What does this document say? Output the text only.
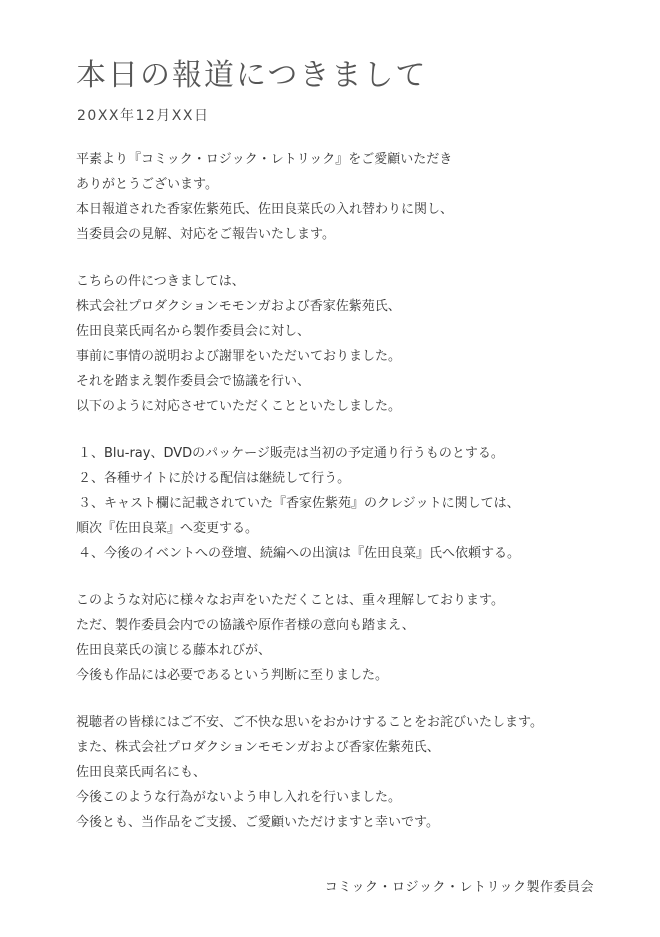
本日の報道につきまして
20XX年12月XX日
平素より『コミック・ロジック・レトリック』をご愛顧いただき
ありがとうございます。
本日報道された香家佐紫苑氏、佐田良菜氏の入れ替わりに関し、
当委員会の見解、対応をご報告いたします。
こちらの件につきましては、
株式会社プロダクションモモンガおよび香家佐紫苑氏、
佐田良菜氏両名から製作委員会に対し、
事前に事情の説明および謝罪をいただいておりました。
それを踏まえ製作委員会で協議を行い、
以下のように対応させていただくことといたしました。
１、Blu-ray、DVDのパッケージ販売は当初の予定通り行うものとする。
２、各種サイトに於ける配信は継続して行う。
３、キャスト欄に記載されていた『香家佐紫苑』のクレジットに関しては、
順次『佐田良菜』へ変更する。
４、今後のイベントへの登壇、続編への出演は『佐田良菜』氏へ依頼する。
このような対応に様々なお声をいただくことは、重々理解しております。
ただ、製作委員会内での協議や原作者様の意向も踏まえ、
佐田良菜氏の演じる藤本れびが、
今後も作品には必要であるという判断に至りました。
視聴者の皆様にはご不安、ご不快な思いをおかけすることをお詫びいたします。
また、株式会社プロダクションモモンガおよび香家佐紫苑氏、
佐田良菜氏両名にも、
今後このような行為がないよう申し入れを行いました。
今後とも、当作品をご支援、ご愛顧いただけますと幸いです。
コミック・ロジック・レトリック製作委員会
